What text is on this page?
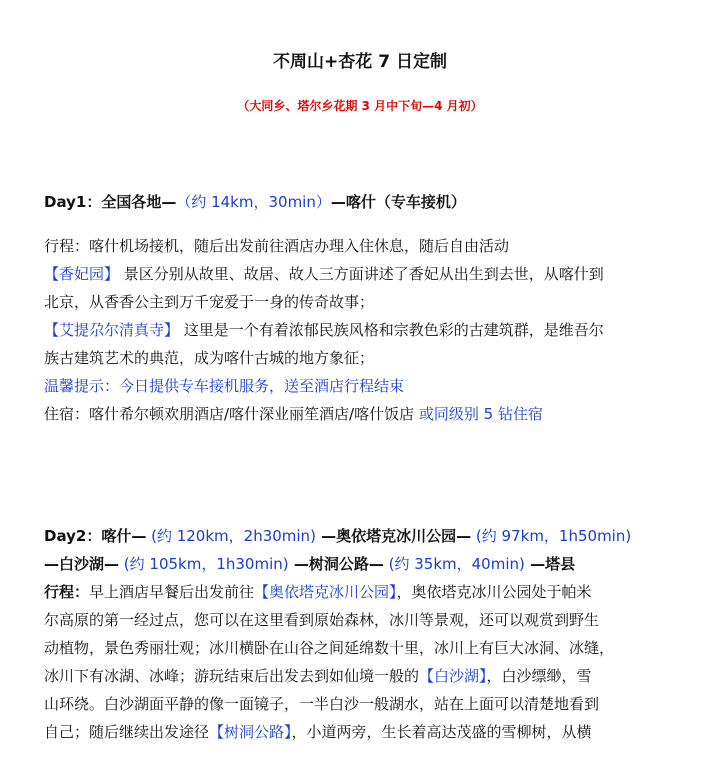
不周山+杏花 7 日定制
（大同乡、塔尔乡花期 3 月中下旬—4 月初）
Day1：全国各地—（约 14km，30min）—喀什（专车接机）
行程：喀什机场接机，随后出发前往酒店办理入住休息，随后自由活动
【香妃园】 景区分别从故里、故居、故人三方面讲述了香妃从出生到去世，从喀什到
北京，从香香公主到万千宠爱于一身的传奇故事；
【艾提尕尔清真寺】 这里是一个有着浓郁民族风格和宗教色彩的古建筑群，是维吾尔
族古建筑艺术的典范，成为喀什古城的地方象征；
温馨提示：今日提供专车接机服务，送至酒店行程结束
住宿：喀什希尔顿欢朋酒店/喀什深业丽笙酒店/喀什饭店 或同级别 5 钻住宿
Day2：喀什— (约 120km，2h30min) —奥依塔克冰川公园— (约 97km，1h50min)
—白沙湖— (约 105km，1h30min) —树洞公路— (约 35km，40min) —塔县
行程：早上酒店早餐后出发前往【奥依塔克冰川公园】，奥依塔克冰川公园处于帕米
尔高原的第一经过点，您可以在这里看到原始森林，冰川等景观，还可以观赏到野生
动植物，景色秀丽壮观；冰川横卧在山谷之间延绵数十里，冰川上有巨大冰洞、冰缝，
冰川下有冰湖、冰峰；游玩结束后出发去到如仙境一般的【白沙湖】，白沙缥缈，雪
山环绕。白沙湖面平静的像一面镜子，一半白沙一般湖水，站在上面可以清楚地看到
自己；随后继续出发途径【树洞公路】，小道两旁，生长着高达茂盛的雪柳树，从横
